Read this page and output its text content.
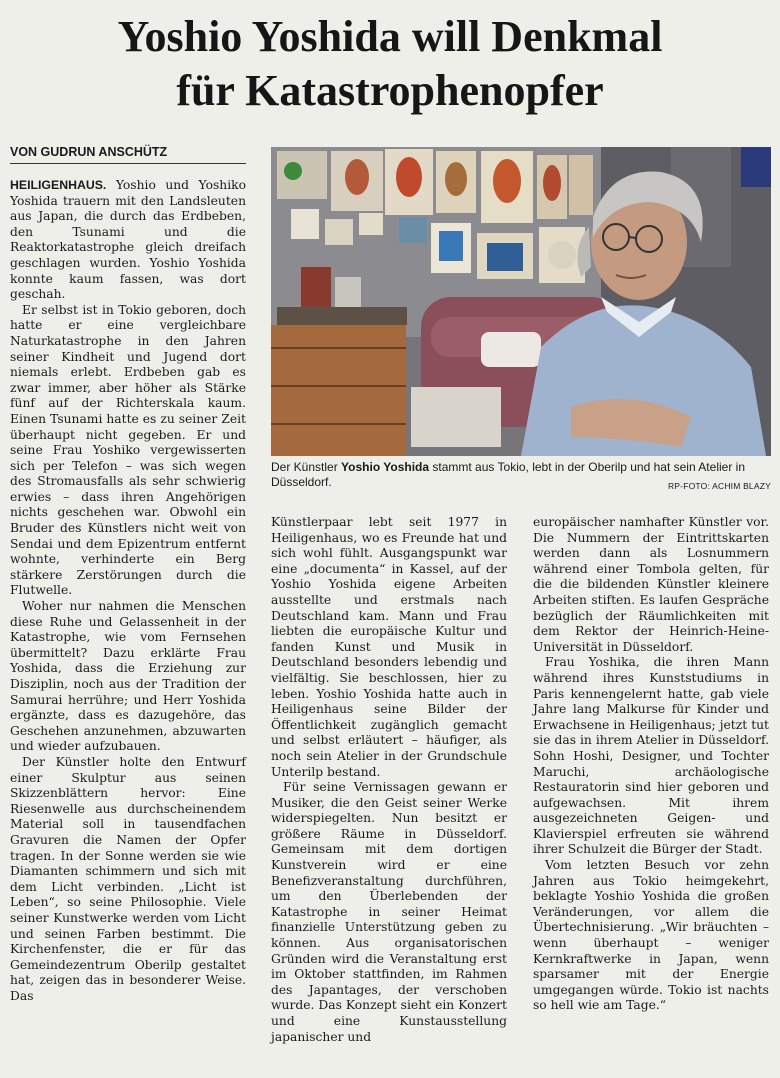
Yoshio Yoshida will Denkmal
für Katastrophenopfer
VON GUDRUN ANSCHÜTZ

HEILIGENHAUS. Yoshio und Yoshiko Yoshida trauern mit den Landsleuten aus Japan, die durch das Erdbeben, den Tsunami und die Reaktorkatastrophe gleich dreifach geschlagen wurden. Yoshio Yoshida konnte kaum fassen, was dort geschah.

Er selbst ist in Tokio geboren, doch hatte er eine vergleichbare Naturkatastrophe in den Jahren seiner Kindheit und Jugend dort niemals erlebt. Erdbeben gab es zwar immer, aber höher als Stärke fünf auf der Richterskala kaum. Einen Tsunami hatte es zu seiner Zeit überhaupt nicht gegeben. Er und seine Frau Yoshiko vergewisserten sich per Telefon – was sich wegen des Stromausfalls als sehr schwierig erwies – dass ihren Angehörigen nichts geschehen war. Obwohl ein Bruder des Künstlers nicht weit von Sendai und dem Epizentrum entfernt wohnte, verhinderte ein Berg stärkere Zerstörungen durch die Flutwelle.

Woher nur nahmen die Menschen diese Ruhe und Gelassenheit in der Katastrophe, wie vom Fernsehen übermittelt? Dazu erklärte Frau Yoshida, dass die Erziehung zur Disziplin, noch aus der Tradition der Samurai herrühre; und Herr Yoshida ergänzte, dass es dazugehöre, das Geschehen anzunehmen, abzuwarten und wieder aufzubauen.

Der Künstler holte den Entwurf einer Skulptur aus seinen Skizzenblättern hervor: Eine Riesenwelle aus durchscheinendem Material soll in tausendfachen Gravuren die Namen der Opfer tragen. In der Sonne werden sie wie Diamanten schimmern und sich mit dem Licht verbinden. „Licht ist Leben“, so seine Philosophie. Viele seiner Kunstwerke werden vom Licht und seinen Farben bestimmt. Die Kirchenfenster, die er für das Gemeindezentrum Oberilp gestaltet hat, zeigen das in besonderer Weise. Das

Der Künstler Yoshio Yoshida stammt aus Tokio, lebt in der Oberilp und hat sein Atelier in Düsseldorf.	RP-FOTO: ACHIM BLAZY

Künstlerpaar lebt seit 1977 in Heiligenhaus, wo es Freunde hat und sich wohl fühlt. Ausgangspunkt war eine „documenta“ in Kassel, auf der Yoshio Yoshida eigene Arbeiten ausstellte und erstmals nach Deutschland kam. Mann und Frau liebten die europäische Kultur und fanden Kunst und Musik in Deutschland besonders lebendig und vielfältig. Sie beschlossen, hier zu leben. Yoshio Yoshida hatte auch in Heiligenhaus seine Bilder der Öffentlichkeit zugänglich gemacht und selbst erläutert – häufiger, als noch sein Atelier in der Grundschule Unterilp bestand.

Für seine Vernissagen gewann er Musiker, die den Geist seiner Werke widerspiegelten. Nun besitzt er größere Räume in Düsseldorf. Gemeinsam mit dem dortigen Kunstverein wird er eine Benefizveranstaltung durchführen, um den Überlebenden der Katastrophe in seiner Heimat finanzielle Unterstützung geben zu können. Aus organisatorischen Gründen wird die Veranstaltung erst im Oktober stattfinden, im Rahmen des Japantages, der verschoben wurde. Das Konzept sieht ein Konzert und eine Kunstausstellung japanischer und

europäischer namhafter Künstler vor. Die Nummern der Eintrittskarten werden dann als Losnummern während einer Tombola gelten, für die die bildenden Künstler kleinere Arbeiten stiften. Es laufen Gespräche bezüglich der Räumlichkeiten mit dem Rektor der Heinrich-Heine-Universität in Düsseldorf.

Frau Yoshika, die ihren Mann während ihres Kunststudiums in Paris kennengelernt hatte, gab viele Jahre lang Malkurse für Kinder und Erwachsene in Heiligenhaus; jetzt tut sie das in ihrem Atelier in Düsseldorf. Sohn Hoshi, Designer, und Tochter Maruchi, archäologische Restauratorin sind hier geboren und aufgewachsen. Mit ihrem ausgezeichneten Geigen- und Klavierspiel erfreuten sie während ihrer Schulzeit die Bürger der Stadt.

Vom letzten Besuch vor zehn Jahren aus Tokio heimgekehrt, beklagte Yoshio Yoshida die großen Veränderungen, vor allem die Übertechnisierung. „Wir bräuchten – wenn überhaupt – weniger Kernkraftwerke in Japan, wenn sparsamer mit der Energie umgegangen würde. Tokio ist nachts so hell wie am Tage.“
